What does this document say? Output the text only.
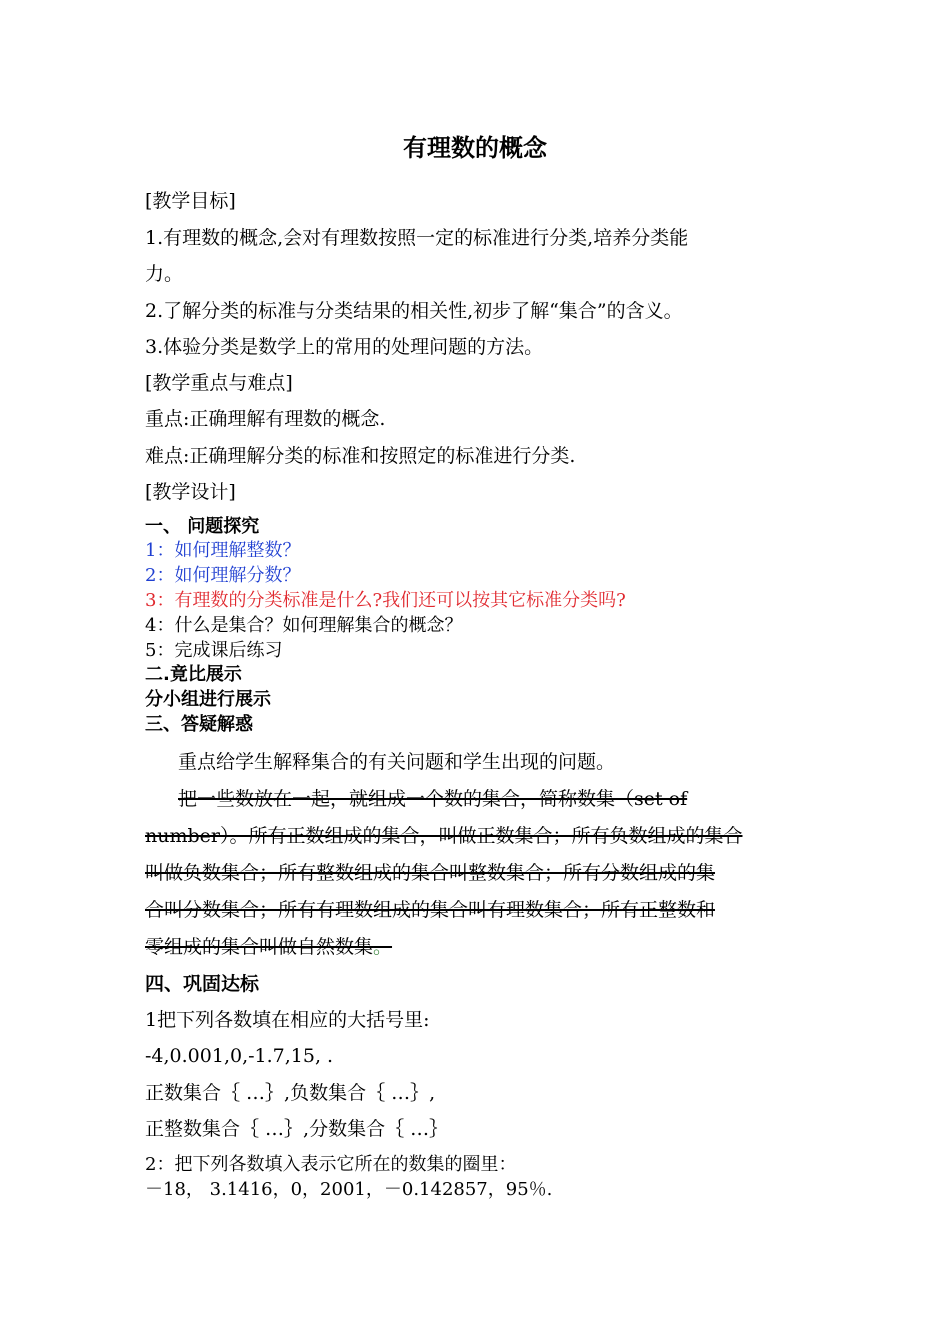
有理数的概念
[教学目标]
1.有理数的概念,会对有理数按照一定的标准进行分类,培养分类能
力。
2.了解分类的标准与分类结果的相关性,初步了解“集合”的含义。
3.体验分类是数学上的常用的处理问题的方法。
[教学重点与难点]
重点:正确理解有理数的概念.
难点:正确理解分类的标准和按照定的标准进行分类.
[教学设计]
一、 问题探究
1：如何理解整数？
2：如何理解分数？
3：有理数的分类标准是什么?我们还可以按其它标准分类吗?
4：什么是集合？如何理解集合的概念？
5：完成课后练习
二.竟比展示
分小组进行展示
三、答疑解惑
重点给学生解释集合的有关问题和学生出现的问题。
把一些数放在一起，就组成一个数的集合，简称数集（set of
number）。所有正数组成的集合，叫做正数集合；所有负数组成的集合
叫做负数集合；所有整数组成的集合叫整数集合；所有分数组成的集
合叫分数集合；所有有理数组成的集合叫有理数集合；所有正整数和
零组成的集合叫做自然数集。
四、巩固达标
1把下列各数填在相应的大括号里:
-4,0.001,0,-1.7,15, .
正数集合｛ …｝,负数集合｛ …｝,
正整数集合｛ …｝,分数集合｛ …｝
2：把下列各数填入表示它所在的数集的圈里：
－18， 3.1416，0，2001，－0.142857，95％.
